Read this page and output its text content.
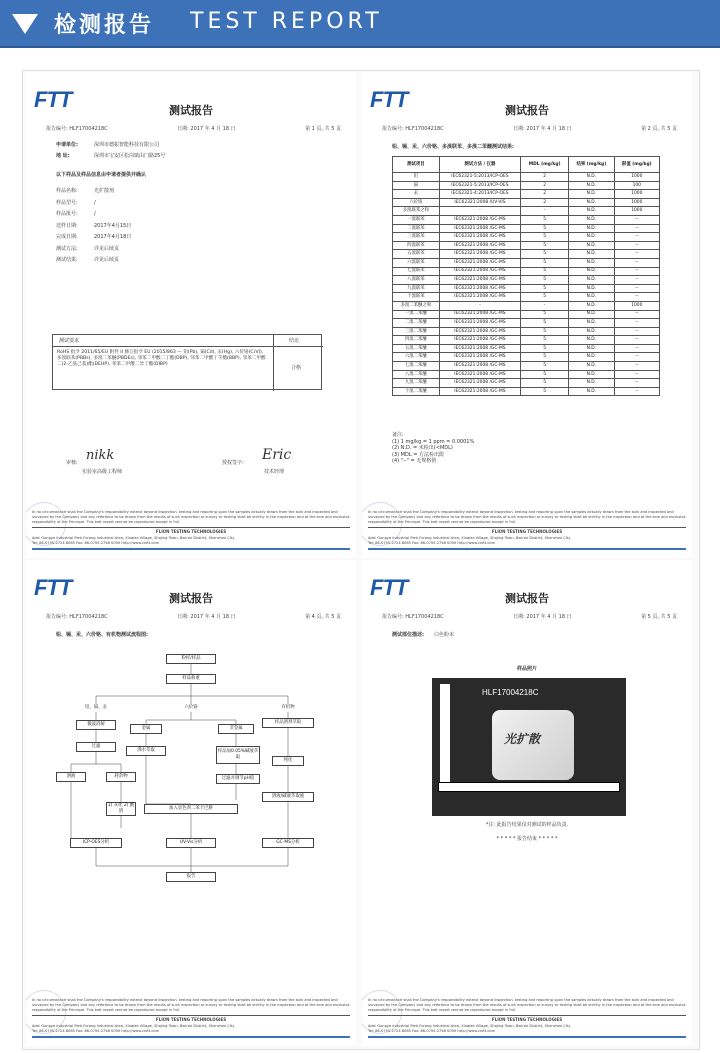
检测报告 TEST REPORT
FTT	测试报告
报告编号: HLF17004218C	日期: 2017 年 4 月 18 日	第 1 页, 共 5 页
申请单位:	深圳市德振智能科技有限公司
地 址:	深圳市宝安区松岗镇由门路25号
以下样品及样品信息由申请者提供并确认
样品名称:	光扩散剂
样品型号:	/
样品批号:	/
送样日期:	2017年4月15日
完成日期:	2017年4月18日
测试方法:	详见后续页
测试结果:	详见后续页
测试要求	结论
RoHS 指令 2011/65/EU 附件 II 修订指令 EU (2015/863 — 铅(Pb), 镉(Cd), 汞(Hg), 六价铬(CrVI), 多溴联苯(PBBs), 多溴二苯醚(PBDEs), 邻苯二甲酸二丁酯(DBP), 邻苯二甲酸丁苄酯(BBP), 邻苯二甲酸二(2-乙基己基)酯(DEHP), 邻苯二甲酸二异丁酯(DIBP)
合格
审核: nikk
实验室高级工程师
授权签字: Eric
技术经理
In no circumstance shall the Company's responsibility extend beyond inspection, testing and reporting upon the samples actually drawn from the bulk and inspected and surveyed by the Company and any reference to be drawn from the results of such inspection or survey or testing shall be strictly in the inspection and at the sole and exclusive responsibility of the Principal. This test report cannot be reproduced except in full.
FLION TESTING TECHNOLOGIES
Add: Gongye Industrial Park,Furong Industrial Area, Xinqiao Village, Shajing Town, Bao'an District, Shenzhen City
Tel: 86-0755-2724 8065 Fax: 86-0755-2746 0090 http://www.cnftt.com
FTT	测试报告
报告编号: HLF17004218C	日期: 2017 年 4 月 18 日	第 2 页, 共 5 页
铅、镉、汞、六价铬、多溴联苯、多溴二苯醚测试结果:
测试项目	测试方法 / 仪器	MDL (mg/kg)	结果 (mg/kg)	限值 (mg/kg)
铅	IEC62321-5:2013/ICP-OES	2	N.D.	1000
镉	IEC62321-5:2013/ICP-OES	2	N.D.	100
汞	IEC62321-4:2013/ICP-OES	2	N.D.	1000
六价铬	IEC62321:2008 /UV-VIS	2	N.D.	1000
多溴联苯之和	-	-	N.D.	1000
一溴联苯	IEC62321:2008 /GC-MS	5	N.D.	--
二溴联苯	IEC62321:2008 /GC-MS	5	N.D.	--
三溴联苯	IEC62321:2008 /GC-MS	5	N.D.	--
四溴联苯	IEC62321:2008 /GC-MS	5	N.D.	--
五溴联苯	IEC62321:2008 /GC-MS	5	N.D.	--
六溴联苯	IEC62321:2008 /GC-MS	5	N.D.	--
七溴联苯	IEC62321:2008 /GC-MS	5	N.D.	--
八溴联苯	IEC62321:2008 /GC-MS	5	N.D.	--
九溴联苯	IEC62321:2008 /GC-MS	5	N.D.	--
十溴联苯	IEC62321:2008 /GC-MS	5	N.D.	--
多溴二苯醚之和	-	-	N.D.	1000
一溴二苯醚	IEC62321:2008 /GC-MS	5	N.D.	--
二溴二苯醚	IEC62321:2008 /GC-MS	5	N.D.	--
三溴二苯醚	IEC62321:2008 /GC-MS	5	N.D.	--
四溴二苯醚	IEC62321:2008 /GC-MS	5	N.D.	--
五溴二苯醚	IEC62321:2008 /GC-MS	5	N.D.	--
六溴二苯醚	IEC62321:2008 /GC-MS	5	N.D.	--
七溴二苯醚	IEC62321:2008 /GC-MS	5	N.D.	--
八溴二苯醚	IEC62321:2008 /GC-MS	5	N.D.	--
九溴二苯醚	IEC62321:2008 /GC-MS	5	N.D.	--
十溴二苯醚	IEC62321:2008 /GC-MS	5	N.D.	--
备注:
(1) 1 mg/kg = 1 ppm = 0.0001%
(2) N.D. = 未检出(<MDL)
(3) MDL = 方法检出限
(4) "--" = 无规格值
In no circumstance shall the Company's responsibility extend beyond inspection, testing and reporting upon the samples actually drawn from the bulk and inspected and surveyed by the Company and any reference to be drawn from the results of such inspection or survey or testing shall be strictly in the inspection and at the sole and exclusive responsibility of the Principal. This test report cannot be reproduced except in full.
FLION TESTING TECHNOLOGIES
Add: Gongye Industrial Park,Furong Industrial Area, Xinqiao Village, Shajing Town, Bao'an District, Shenzhen City
Tel: 86-0755-2724 8065 Fax: 86-0755-2746 0090 http://www.cnftt.com
FTT	测试报告
报告编号: HLF17004218C	日期: 2017 年 4 月 18 日	第 4 页, 共 5 页
铅、镉、汞、六价铬、有机物测试流程图:
粉样/样品
样品称重
铅、镉、汞	六价铬	有机物
微波消解
金属	非金属
样品溶剂萃取
过滤
沸水萃取	样品加0.05%碱液萃取
纯化
溶液	耗余物	过滤并调节pH值
溶液/碱液萃取液
1) 灰化 2) 酸溶
加入显色剂二苯卡巴肼
ICP-OES分析	UV-Vis分析	GC-MS分析
报告
In no circumstance shall the Company's responsibility extend beyond inspection, testing and reporting upon the samples actually drawn from the bulk and inspected and surveyed by the Company and any reference to be drawn from the results of such inspection or survey or testing shall be strictly in the inspection and at the sole and exclusive responsibility of the Principal. This test report cannot be reproduced except in full.
FLION TESTING TECHNOLOGIES
Add: Gongye Industrial Park,Furong Industrial Area, Xinqiao Village, Shajing Town, Bao'an District, Shenzhen City
Tel: 86-0755-2724 8065 Fax: 86-0755-2746 0090 http://www.cnftt.com
FTT	测试报告
报告编号: HLF17004218C	日期: 2017 年 4 月 18 日	第 5 页, 共 5 页
测试部位描述: 白色粉末
样品照片
HLF17004218C
光扩散
*注: 此报告结果仅对测试的样品负责.
* * * * * 报告结束 * * * * *
In no circumstance shall the Company's responsibility extend beyond inspection, testing and reporting upon the samples actually drawn from the bulk and inspected and surveyed by the Company and any reference to be drawn from the results of such inspection or survey or testing shall be strictly in the inspection and at the sole and exclusive responsibility of the Principal. This test report cannot be reproduced except in full.
FLION TESTING TECHNOLOGIES
Add: Gongye Industrial Park,Furong Industrial Area, Xinqiao Village, Shajing Town, Bao'an District, Shenzhen City
Tel: 86-0755-2724 8065 Fax: 86-0755-2746 0090 http://www.cnftt.com
